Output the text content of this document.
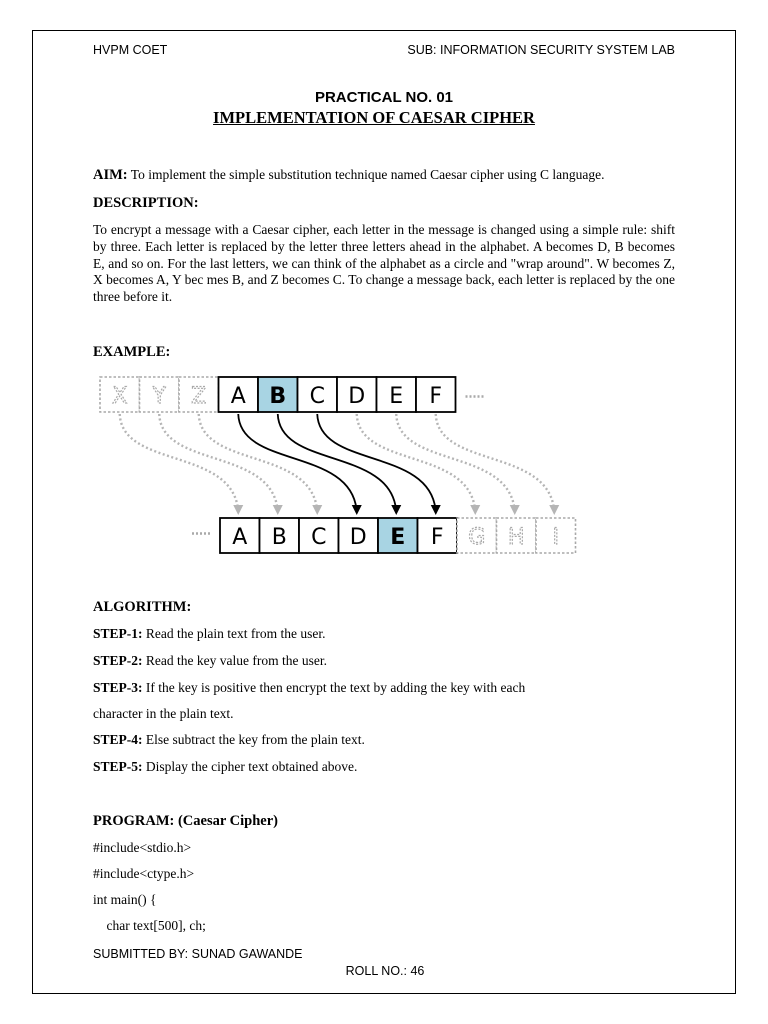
HVPM COET	SUB: INFORMATION SECURITY SYSTEM LAB
PRACTICAL NO. 01
IMPLEMENTATION OF CAESAR CIPHER
AIM: To implement the simple substitution technique named Caesar cipher using C language.
DESCRIPTION:
To encrypt a message with a Caesar cipher, each letter in the message is changed using a simple rule: shift by three. Each letter is replaced by the letter three letters ahead in the alphabet. A becomes D, B becomes E, and so on. For the last letters, we can think of the alphabet as a circle and "wrap around". W becomes Z, X becomes A, Y bec mes B, and Z becomes C. To change a message back, each letter is replaced by the one three before it.
EXAMPLE:
X Y Z A B C D E F
A B C D E F G H I
ALGORITHM:
STEP-1: Read the plain text from the user.
STEP-2: Read the key value from the user.
STEP-3: If the key is positive then encrypt the text by adding the key with each
character in the plain text.
STEP-4: Else subtract the key from the plain text.
STEP-5: Display the cipher text obtained above.
PROGRAM: (Caesar Cipher)
#include<stdio.h>
#include<ctype.h>
int main() {
char text[500], ch;
SUBMITTED BY: SUNAD GAWANDE
ROLL NO.: 46
